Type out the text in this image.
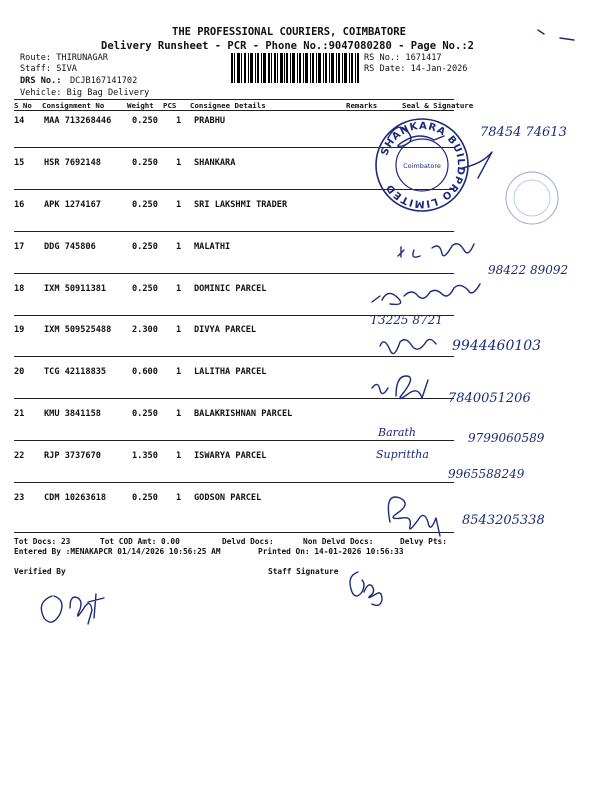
THE PROFESSIONAL COURIERS, COIMBATORE
Delivery Runsheet - PCR - Phone No.:9047080280 - Page No.:2
Route: THIRUNAGAR
Staff: SIVA
DRS No.: DCJB167141702
Vehicle: Big Bag Delivery
RS No.: 1671417
RS Date: 14-Jan-2026
S No Consignment No	Weight PCS Consignee Details	Remarks	Seal & Signature
14 MAA 713268446 0.250 1 PRABHU
15 HSR 7692148	0.250 1 SHANKARA
16 APK 1274167	0.250 1 SRI LAKSHMI TRADER
17 DDG 745806	0.250 1 MALATHI
18 IXM 50911381	0.250 1 DOMINIC PARCEL
19 IXM 509525488 2.300 1 DIVYA PARCEL
20 TCG 42118835	0.600 1 LALITHA PARCEL
21 KMU 3841158	0.250 1 BALAKRISHNAN PARCEL
22 RJP 3737670	1.350 1 ISWARYA PARCEL
23 CDM 10263618	0.250 1 GODSON PARCEL
Tot Docs: 23	Tot COD Amt: 0.00	Delvd Docs:	Non Delvd Docs:	Delvy Pts:
Entered By :MENAKAPCR 01/14/2026 10:56:25 AM	Printed On: 14-01-2026 10:56:33
Verified By	Staff Signature
SHANKARA BUILDPRO LIMITED
Coimbatore
78454 74613
98422 89092
T3225 8721
9944460103
7840051206
Barath	9799060589
Suprittha
9965588249
8543205338
